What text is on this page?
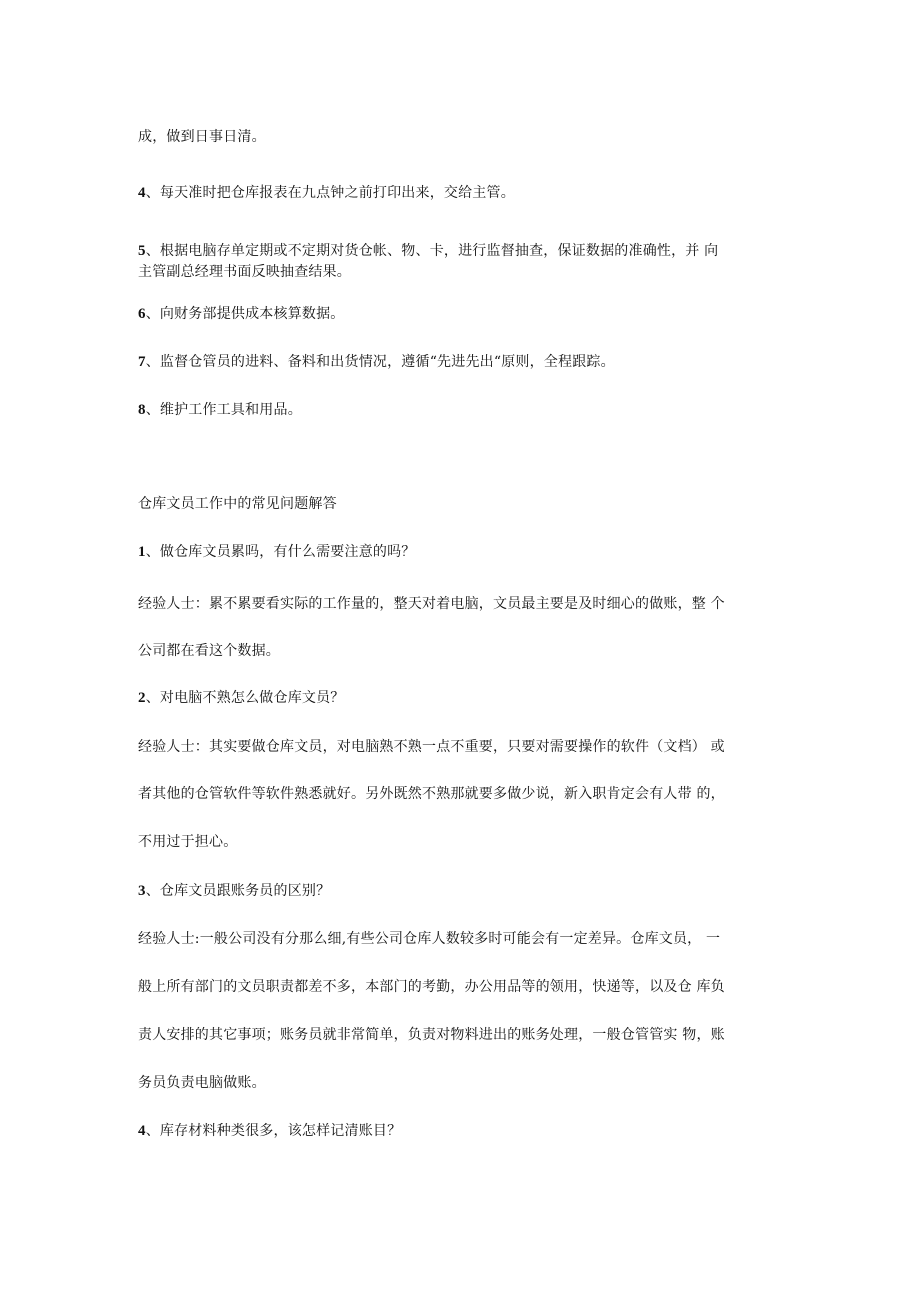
成，做到日事日清。
4、每天准时把仓库报表在九点钟之前打印出来，交给主管。
5、根据电脑存单定期或不定期对货仓帐、物、卡，进行监督抽查，保证数据的准确性，并 向
主管副总经理书面反映抽查结果。
6、向财务部提供成本核算数据。
7、监督仓管员的进料、备料和出货情况，遵循“先进先出“原则，全程跟踪。
8、维护工作工具和用品。
仓库文员工作中的常见问题解答
1、做仓库文员累吗，有什么需要注意的吗？
经验人士：累不累要看实际的工作量的，整天对着电脑，文员最主要是及时细心的做账，整 个
公司都在看这个数据。
2、对电脑不熟怎么做仓库文员？
经验人士：其实要做仓库文员，对电脑熟不熟一点不重要，只要对需要操作的软件（文档） 或
者其他的仓管软件等软件熟悉就好。另外既然不熟那就要多做少说，新入职肯定会有人带 的，
不用过于担心。
3、仓库文员跟账务员的区别？
经验人士:一般公司没有分那么细,有些公司仓库人数较多时可能会有一定差异。仓库文员， 一
般上所有部门的文员职责都差不多，本部门的考勤，办公用品等的领用，快递等，以及仓 库负
责人安排的其它事项；账务员就非常简单，负责对物料进出的账务处理，一般仓管管实 物，账
务员负责电脑做账。
4、库存材料种类很多，该怎样记清账目？
